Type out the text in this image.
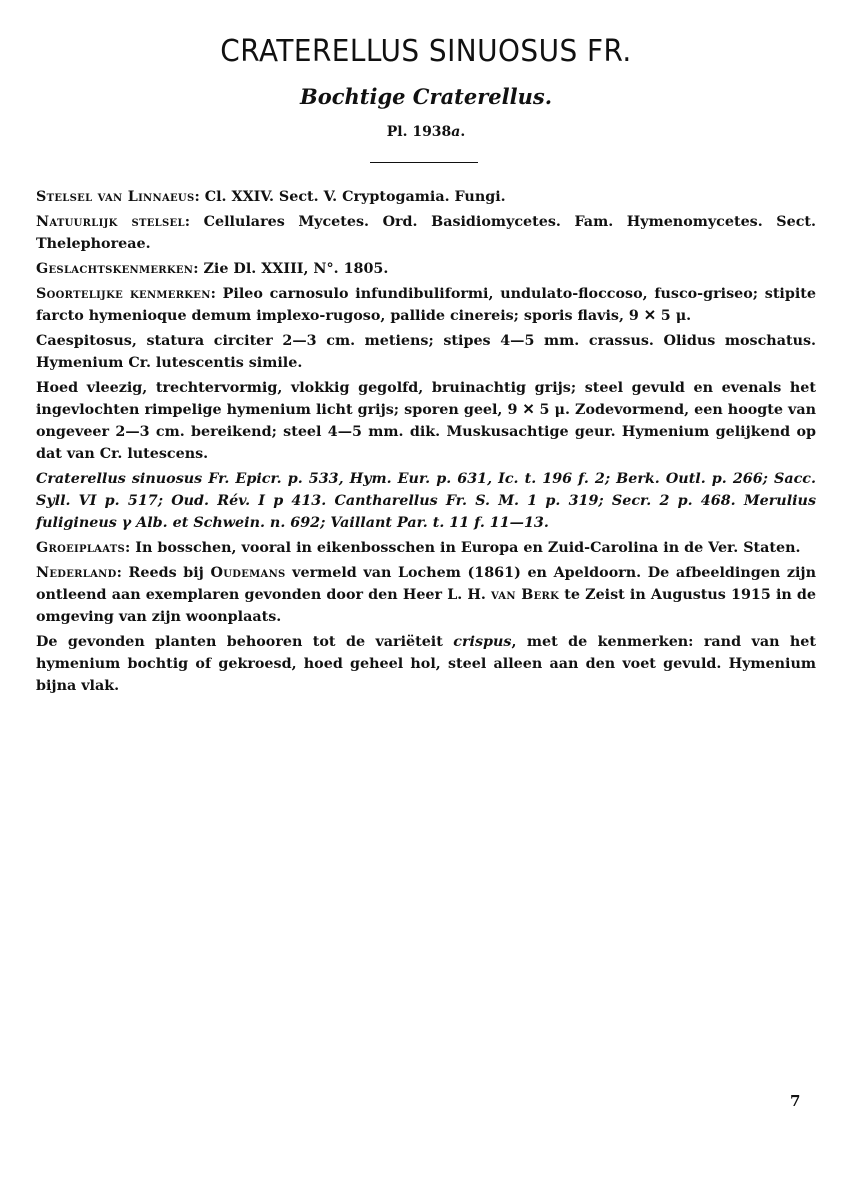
CRATERELLUS SINUOSUS FR.
Bochtige Craterellus.
Pl. 1938a.

Stelsel van Linnaeus: Cl. XXIV. Sect. V. Cryptogamia. Fungi.

Natuurlijk stelsel: Cellulares Mycetes. Ord. Basidiomycetes. Fam. Hymenomycetes. Sect. Thelephoreae.

Geslachtskenmerken: Zie Dl. XXIII, N°. 1805.

Soortelijke kenmerken: Pileo carnosulo infundibuliformi, undulato-floccoso, fusco-griseo; stipite farcto hymenioque demum implexo-rugoso, pallide cinereis; sporis flavis, 9 ✕ 5 μ.

Caespitosus, statura circiter 2—3 cm. metiens; stipes 4—5 mm. crassus. Olidus moschatus. Hymenium Cr. lutescentis simile.

Hoed vleezig, trechtervormig, vlokkig gegolfd, bruinachtig grijs; steel gevuld en evenals het ingevlochten rimpelige hymenium licht grijs; sporen geel, 9 ✕ 5 μ. Zodevormend, een hoogte van ongeveer 2—3 cm. bereikend; steel 4—5 mm. dik. Muskusachtige geur. Hymenium gelijkend op dat van Cr. lutescens.

Craterellus sinuosus Fr. Epicr. p. 533, Hym. Eur. p. 631, Ic. t. 196 f. 2; Berk. Outl. p. 266; Sacc. Syll. VI p. 517; Oud. Rév. I p 413. Cantharellus Fr. S. M. 1 p. 319; Secr. 2 p. 468. Merulius fuligineus γ Alb. et Schwein. n. 692; Vaillant Par. t. 11 f. 11—13.

Groeiplaats: In bosschen, vooral in eikenbosschen in Europa en Zuid-Carolina in de Ver. Staten.

Nederland: Reeds bij Oudemans vermeld van Lochem (1861) en Apeldoorn. De afbeeldingen zijn ontleend aan exemplaren gevonden door den Heer L. H. van Berk te Zeist in Augustus 1915 in de omgeving van zijn woonplaats.

De gevonden planten behooren tot de variëteit crispus, met de kenmerken: rand van het hymenium bochtig of gekroesd, hoed geheel hol, steel alleen aan den voet gevuld. Hymenium bijna vlak.

7
